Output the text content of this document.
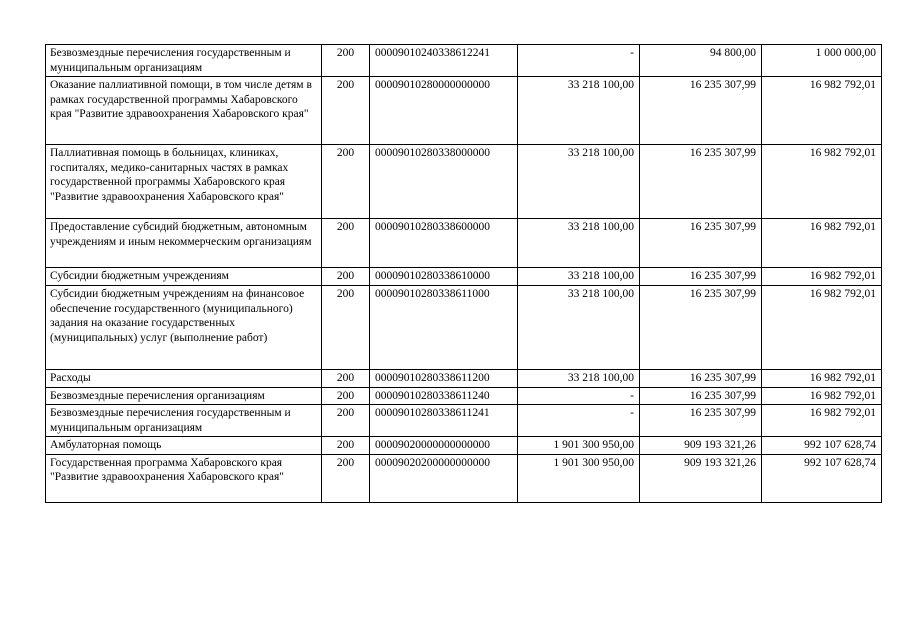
Безвозмездные перечисления государственным и муниципальным организациям	200	00009010240338612241	-	94 800,00	1 000 000,00
Оказание паллиативной помощи, в том числе детям в рамках государственной программы Хабаровского края "Развитие здравоохранения Хабаровского края"	200	00009010280000000000	33 218 100,00	16 235 307,99	16 982 792,01
Паллиативная помощь в больницах, клиниках, госпиталях, медико-санитарных частях в рамках государственной программы Хабаровского края "Развитие здравоохранения Хабаровского края"	200	00009010280338000000	33 218 100,00	16 235 307,99	16 982 792,01
Предоставление субсидий бюджетным, автономным учреждениям и иным некоммерческим организациям	200	00009010280338600000	33 218 100,00	16 235 307,99	16 982 792,01
Субсидии бюджетным учреждениям	200	00009010280338610000	33 218 100,00	16 235 307,99	16 982 792,01
Субсидии бюджетным учреждениям на финансовое обеспечение государственного (муниципального) задания на оказание государственных (муниципальных) услуг (выполнение работ)	200	00009010280338611000	33 218 100,00	16 235 307,99	16 982 792,01
Расходы	200	00009010280338611200	33 218 100,00	16 235 307,99	16 982 792,01
Безвозмездные перечисления организациям	200	00009010280338611240	-	16 235 307,99	16 982 792,01
Безвозмездные перечисления государственным и муниципальным организациям	200	00009010280338611241	-	16 235 307,99	16 982 792,01
Амбулаторная помощь	200	00009020000000000000	1 901 300 950,00	909 193 321,26	992 107 628,74
Государственная программа Хабаровского края "Развитие здравоохранения Хабаровского края"	200	00009020200000000000	1 901 300 950,00	909 193 321,26	992 107 628,74
